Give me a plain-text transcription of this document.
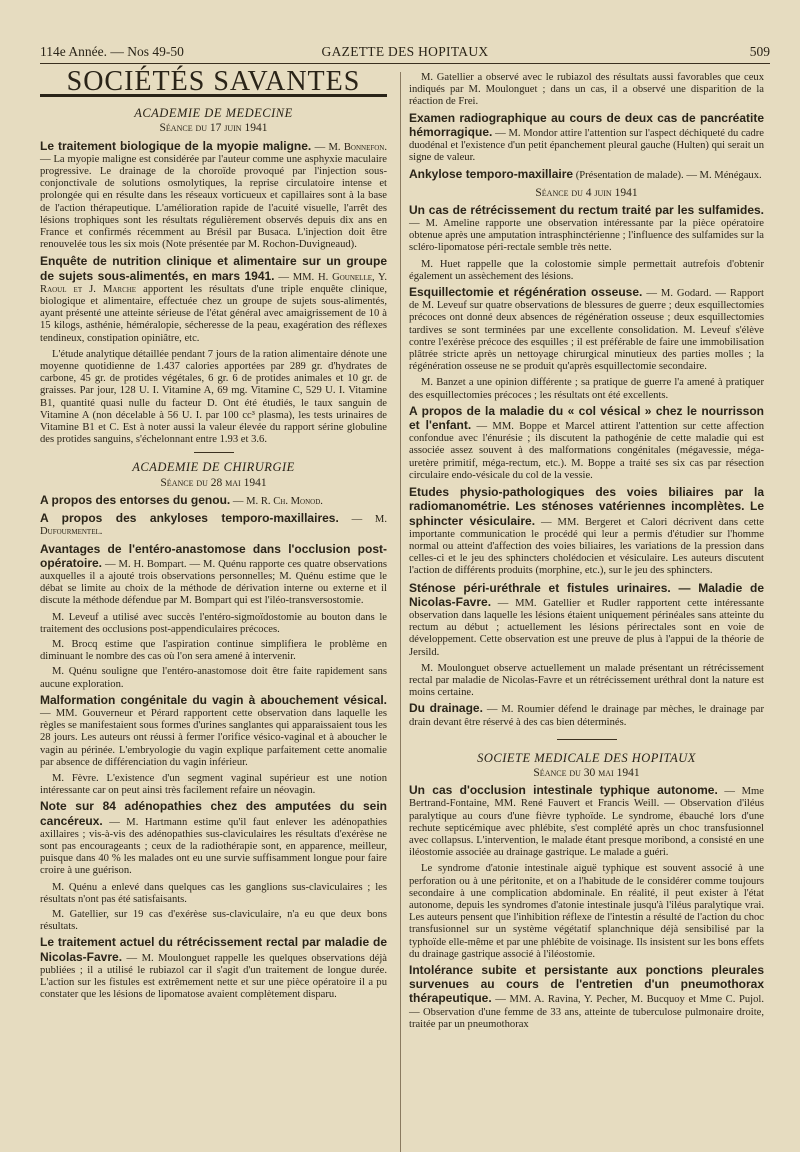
114e Année. — Nos 49-50	GAZETTE DES HOPITAUX	509
SOCIÉTÉS SAVANTES
ACADEMIE DE MEDECINE
Séance du 17 juin 1941

Le traitement biologique de la myopie maligne. — M. Bonnefon. — La myopie maligne est considérée par l'auteur comme une asphyxie maculaire progressive. Le drainage de la choroïde provoqué par l'injection sous-conjonctivale de solutions osmolytiques, la reprise circulatoire intense et prolongée qui en résulte dans les réseaux vorticueux et capillaires sont à la base de l'action thérapeutique. L'amélioration rapide de l'acuité visuelle, l'arrêt des lésions trophiques sont les résultats régulièrement observés depuis dix ans en France et confirmés récemment au Brésil par Busaca. L'injection doit être renouvelée tous les six mois (Note présentée par M. Rochon-Duvigneaud).

Enquête de nutrition clinique et alimentaire sur un groupe de sujets sous-alimentés, en mars 1941. — MM. H. Gounelle, Y. Raoul et J. Marche apportent les résultats d'une triple enquête clinique, biologique et alimentaire, effectuée chez un groupe de sujets sous-alimentés, ayant présenté une atteinte sérieuse de l'état général avec amaigrissement de 10 à 15 kilogs, asthénie, héméralopie, sécheresse de la peau, exagération des réflexes tendineux, constipation opiniâtre, etc.

L'étude analytique détaillée pendant 7 jours de la ration alimentaire dénote une moyenne quotidienne de 1.437 calories apportées par 289 gr. d'hydrates de carbone, 45 gr. de protides végétales, 6 gr. 6 de protides animales et 10 gr. de graisses. Par jour, 128 U. I. Vitamine A, 69 mg. Vitamine C, 529 U. I. Vitamine B1, quantité quasi nulle du facteur D. Ont été étudiés, le taux sanguin de Vitamine A (non décelable à 56 U. I. par 100 cc³ plasma), les tests urinaires de Vitamine B1 et C. Est à noter aussi la valeur élevée du rapport sérine globuline des protides sanguins, s'échelonnant entre 1.93 et 3.6.

ACADEMIE DE CHIRURGIE
Séance du 28 mai 1941

A propos des entorses du genou. — M. R. Ch. Monod.

A propos des ankyloses temporo-maxillaires. — M. Dufourmentel.

Avantages de l'entéro-anastomose dans l'occlusion post-opératoire. — M. H. Bompart. — M. Quénu rapporte ces quatre observations auxquelles il a ajouté trois observations personnelles; M. Quénu estime que le débat se limite au choix de la méthode de dérivation interne ou externe et il discute la méthode défendue par M. Bompart qui est l'iléo-transversostomie.

M. Leveuf a utilisé avec succès l'entéro-sigmoïdostomie au bouton dans le traitement des occlusions post-appendiculaires précoces.

M. Brocq estime que l'aspiration continue simplifiera le problème en diminuant le nombre des cas où l'on sera amené à intervenir.

M. Quénu souligne que l'entéro-anastomose doit être faite rapidement sans aucune exploration.

Malformation congénitale du vagin à abouchement vésical. — MM. Gouverneur et Pérard rapportent cette observation dans laquelle les règles se manifestaient sous formes d'urines sanglantes qui apparaissaient tous les 28 jours. Les auteurs ont réussi à fermer l'orifice vésico-vaginal et à aboucher le vagin au périnée. L'embryologie du vagin explique parfaitement cette anomalie par absence de différenciation du vagin inférieur.

M. Fèvre. L'existence d'un segment vaginal supérieur est une notion intéressante car on peut ainsi très facilement refaire un néovagin.

Note sur 84 adénopathies chez des amputées du sein cancéreux. — M. Hartmann estime qu'il faut enlever les adénopathies axillaires ; vis-à-vis des adénopathies sus-claviculaires les résultats d'exérèse ne sont pas encourageants ; ceux de la radiothérapie sont, en apparence, meilleur, puisque dans 40 % les malades ont eu une survie suffisamment longue pour faire croire à une guérison.

M. Quénu a enlevé dans quelques cas les ganglions sus-claviculaires ; les résultats n'ont pas été satisfaisants.

M. Gatellier, sur 19 cas d'exérèse sus-claviculaire, n'a eu que deux bons résultats.

Le traitement actuel du rétrécissement rectal par maladie de Nicolas-Favre. — M. Moulonguet rappelle les quelques observations déjà publiées ; il a utilisé le rubiazol car il s'agit d'un traitement de longue durée. L'action sur les fistules est extrêmement nette et sur une pièce opératoire il a pu constater que les lésions de lipomatose avaient complètement disparu.

M. Gatellier a observé avec le rubiazol des résultats aussi favorables que ceux indiqués par M. Moulonguet ; dans un cas, il a observé une disparition de la réaction de Frei.

Examen radiographique au cours de deux cas de pancréatite hémorragique. — M. Mondor attire l'attention sur l'aspect déchiqueté du cadre duodénal et l'existence d'un petit épanchement pleural gauche (Hulten) qui serait un signe de valeur.

Ankylose temporo-maxillaire (Présentation de malade). — M. Ménégaux.

Séance du 4 juin 1941

Un cas de rétrécissement du rectum traité par les sulfamides. — M. Ameline rapporte une observation intéressante par la pièce opératoire obtenue après une amputation intrasphinctérienne ; l'influence des sulfamides sur la scléro-lipomatose péri-rectale semble très nette.

M. Huet rappelle que la colostomie simple permettait autrefois d'obtenir également un assèchement des lésions.

Esquillectomie et régénération osseuse. — M. Godard. — Rapport de M. Leveuf sur quatre observations de blessures de guerre ; deux esquillectomies précoces ont donné deux absences de régénération osseuse ; deux esquillectomies tardives se sont terminées par une excellente consolidation. M. Leveuf s'élève contre l'exérèse précoce des esquilles ; il est préférable de faire une immobilisation plâtrée stricte après un nettoyage chirurgical minutieux des parties molles ; la régénération osseuse ne se produit qu'après esquillectomie secondaire.

M. Banzet a une opinion différente ; sa pratique de guerre l'a amené à pratiquer des esquillectomies précoces ; les résultats ont été excellents.

A propos de la maladie du « col vésical » chez le nourrisson et l'enfant. — MM. Boppe et Marcel attirent l'attention sur cette affection confondue avec l'énurésie ; ils discutent la pathogénie de cette maladie qui est associée assez souvent à des malformations congénitales (mégavessie, méga-uretère primitif, méga-rectum, etc.). M. Boppe a traité ses six cas par résection circulaire endo-vésicale du col de la vessie.

Etudes physio-pathologiques des voies biliaires par la radiomanométrie. Les sténoses vatériennes incomplètes. Le sphincter vésiculaire. — MM. Bergeret et Calori décrivent dans cette importante communication le procédé qui leur a permis d'étudier sur l'homme normal ou atteint d'affection des voies biliaires, les variations de la pression dans celles-ci et le jeu des sphincters cholédocien et vésiculaire. Les auteurs discutent l'action de différents produits (morphine, etc.), sur le jeu des sphincters.

Sténose péri-uréthrale et fistules urinaires. — Maladie de Nicolas-Favre. — MM. Gatellier et Rudler rapportent cette intéressante observation dans laquelle les lésions étaient uniquement périnéales sans atteinte du rectum au début ; actuellement les lésions périrectales sont en voie de développement. Cette observation est une preuve de plus à l'appui de la théorie de Jersild.

M. Moulonguet observe actuellement un malade présentant un rétrécissement rectal par maladie de Nicolas-Favre et un rétrécissement uréthral dont la nature est moins certaine.

Du drainage. — M. Roumier défend le drainage par mèches, le drainage par drain devant être réservé à des cas bien déterminés.

SOCIETE MEDICALE DES HOPITAUX
Séance du 30 mai 1941

Un cas d'occlusion intestinale typhique autonome. — Mme Bertrand-Fontaine, MM. René Fauvert et Francis Weill. — Observation d'iléus paralytique au cours d'une fièvre typhoïde. Le syndrome, ébauché lors d'une rechute septicémique avec phlébite, s'est complété après un choc transfusionnel avec collapsus. L'intervention, le malade étant presque moribond, a consisté en une iléostomie associée au drainage gastrique. Le malade a guéri.

Le syndrome d'atonie intestinale aiguë typhique est souvent associé à une perforation ou à une péritonite, et on a l'habitude de le considérer comme toujours secondaire à une complication abdominale. En réalité, il peut exister à l'état autonome, depuis les syndromes d'atonie intestinale jusqu'à l'iléus paralytique vrai. Les auteurs pensent que l'inhibition réflexe de l'intestin a résulté de l'action du choc transfusionnel sur un système végétatif splanchnique déjà sensibilisé par la typhoïde elle-même et par une phlébite de voisinage. Ils insistent sur les bons effets du drainage gastrique associé à l'iléostomie.

Intolérance subite et persistante aux ponctions pleurales survenues au cours de l'entretien d'un pneumothorax thérapeutique. — MM. A. Ravina, Y. Pecher, M. Bucquoy et Mme C. Pujol. — Observation d'une femme de 33 ans, atteinte de tuberculose pulmonaire droite, traitée par un pneumothorax
